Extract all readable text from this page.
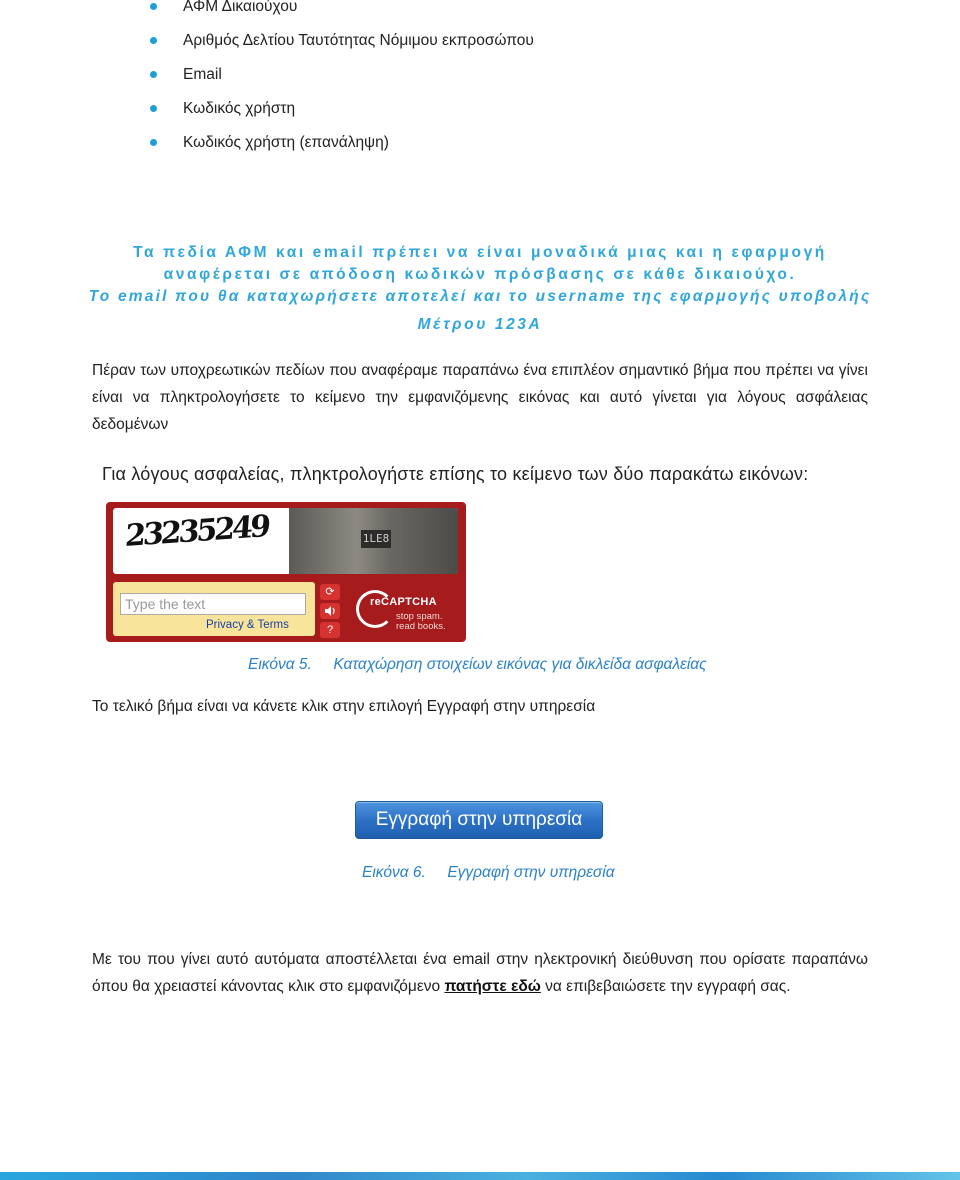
ΑΦΜ Δικαιούχου
Αριθμός Δελτίου Ταυτότητας Νόμιμου εκπροσώπου
Email
Κωδικός χρήστη
Κωδικός χρήστη (επανάληψη)
Τα πεδία ΑΦΜ και email πρέπει να είναι μοναδικά μιας και η εφαρμογή
αναφέρεται σε απόδοση κωδικών πρόσβασης σε κάθε δικαιούχο.
Το email που θα καταχωρήσετε αποτελεί και το username της εφαρμογής υποβολής
Μέτρου 123Α
Πέραν των υποχρεωτικών πεδίων που αναφέραμε παραπάνω ένα επιπλέον σημαντικό βήμα που πρέπει να γίνει είναι να πληκτρολογήσετε το κείμενο την εμφανιζόμενης εικόνας και αυτό γίνεται για λόγους ασφάλειας δεδομένων
Για λόγους ασφαλείας, πληκτρολογήστε επίσης το κείμενο των δύο παρακάτω εικόνων:
23235249	1LE8
Type the text
Privacy & Terms
⟳
?
reCAPTCHA
stop spam. read books.
Εικόνα 5. Καταχώρηση στοιχείων εικόνας για δικλείδα ασφαλείας
Το τελικό βήμα είναι να κάνετε κλικ στην επιλογή Εγγραφή στην υπηρεσία
Εγγραφή στην υπηρεσία
Εικόνα 6. Εγγραφή στην υπηρεσία
Με του που γίνει αυτό αυτόματα αποστέλλεται ένα email στην ηλεκτρονική διεύθυνση που ορίσατε παραπάνω όπου θα χρειαστεί κάνοντας κλικ στο εμφανιζόμενο πατήστε εδώ να επιβεβαιώσετε την εγγραφή σας.
